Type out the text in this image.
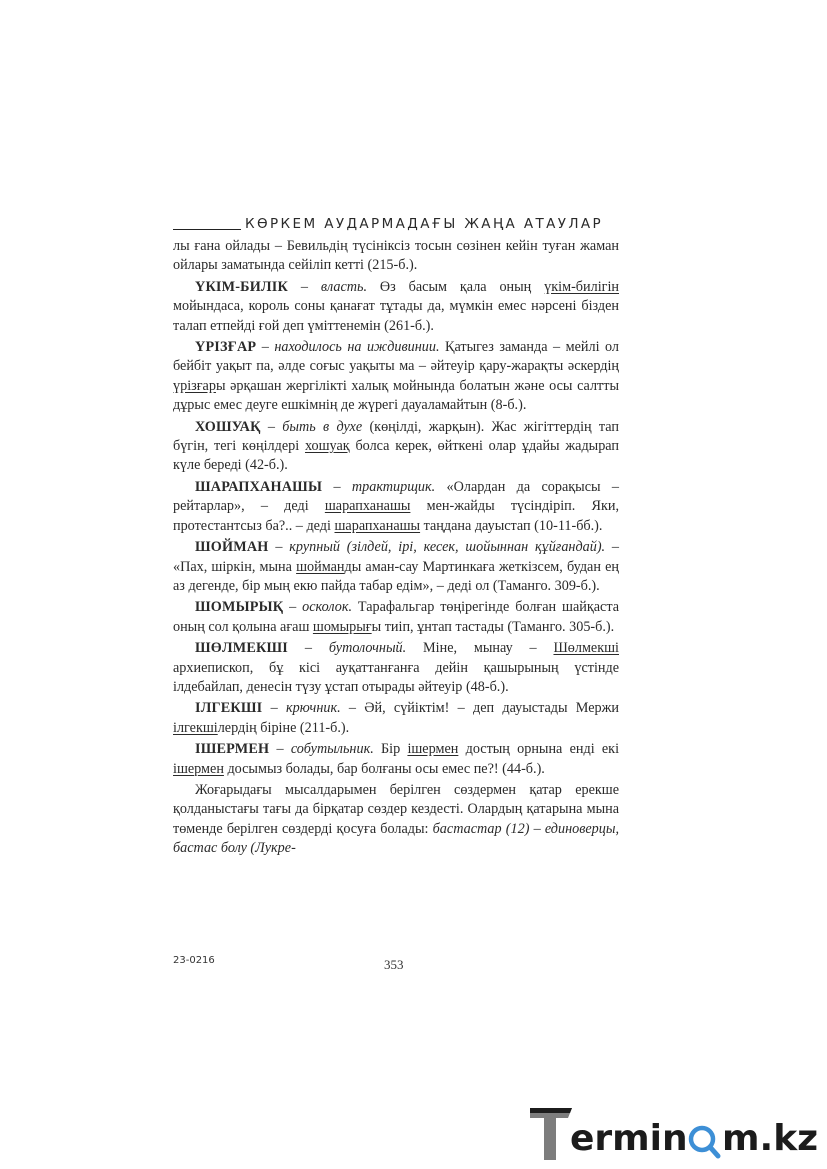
КӨРКЕМ АУДАРМАДАҒЫ ЖАҢА АТАУЛАР

лы ғана ойлады – Бевильдің түсініксіз тосын сөзінен кейін туған жаман ойлары заматында сейіліп кетті (215-б.).

ҮКІМ-БИЛІК – власть. Өз басым қала оның үкім-билігін мойындаса, король соны қанағат тұтады да, мүмкін емес нәрсені бізден талап етпейді ғой деп үміттенемін (261-б.).

ҮРІЗҒАР – находилось на иждивинии. Қатыгез заманда – мейлі ол бейбіт уақыт па, әлде соғыс уақыты ма – әйтеуір қару-жарақты әскердің үрізғары әрқашан жергілікті халық мойнында болатын және осы салтты дұрыс емес деуге ешкімнің де жүрегі дауаламайтын (8-б.).

ХОШУАҚ – быть в духе (көңілді, жарқын). Жас жігіттердің тап бүгін, тегі көңілдері хошуақ болса керек, өйткені олар ұдайы жадырап күле береді (42-б.).

ШАРАПХАНАШЫ – трактирщик. «Олардан да сорақысы – рейтарлар», – деді шарапханашы мен-жайды түсіндіріп. Яки, протестантсыз ба?.. – деді шарапханашы таңдана дауыстап (10-11-бб.).

ШОЙМАН – крупный (зілдей, ірі, кесек, шойыннан құйғандай). – «Пах, шіркін, мына шойманды аман-сау Мартинкаға жеткізсем, будан ең аз дегенде, бір мың екю пайда табар едім», – деді ол (Таманго. 309-б.).

ШОМЫРЫҚ – осколок. Тарафальгар төңірегінде болған шайқаста оның сол қолына ағаш шомырығы тиіп, ұнтап тастады (Таманго. 305-б.).

ШӨЛМЕКШІ – бутолочный. Міне, мынау – Шөлмекші архиепископ, бұ кісі ауқаттанғанға дейін қашырының үстінде ілдебайлап, денесін түзу ұстап отырады әйтеуір (48-б.).

ІЛГЕКШІ – крючник. – Әй, сүйіктім! – деп дауыстады Мержи ілгекшілердің біріне (211-б.).

ІШЕРМЕН – собутыльник. Бір ішермен достың орнына енді екі ішермен досымыз болады, бар болғаны осы емес пе?! (44-б.).

Жоғарыдағы мысалдарымен берілген сөздермен қатар ерекше қолданыстағы тағы да бірқатар сөздер кездесті. Олардың қатарына мына төменде берілген сөздерді қосуға болады: бастастар (12) – единоверцы, бастас болу (Лукре-

23-0216	353
ermin m.kz
